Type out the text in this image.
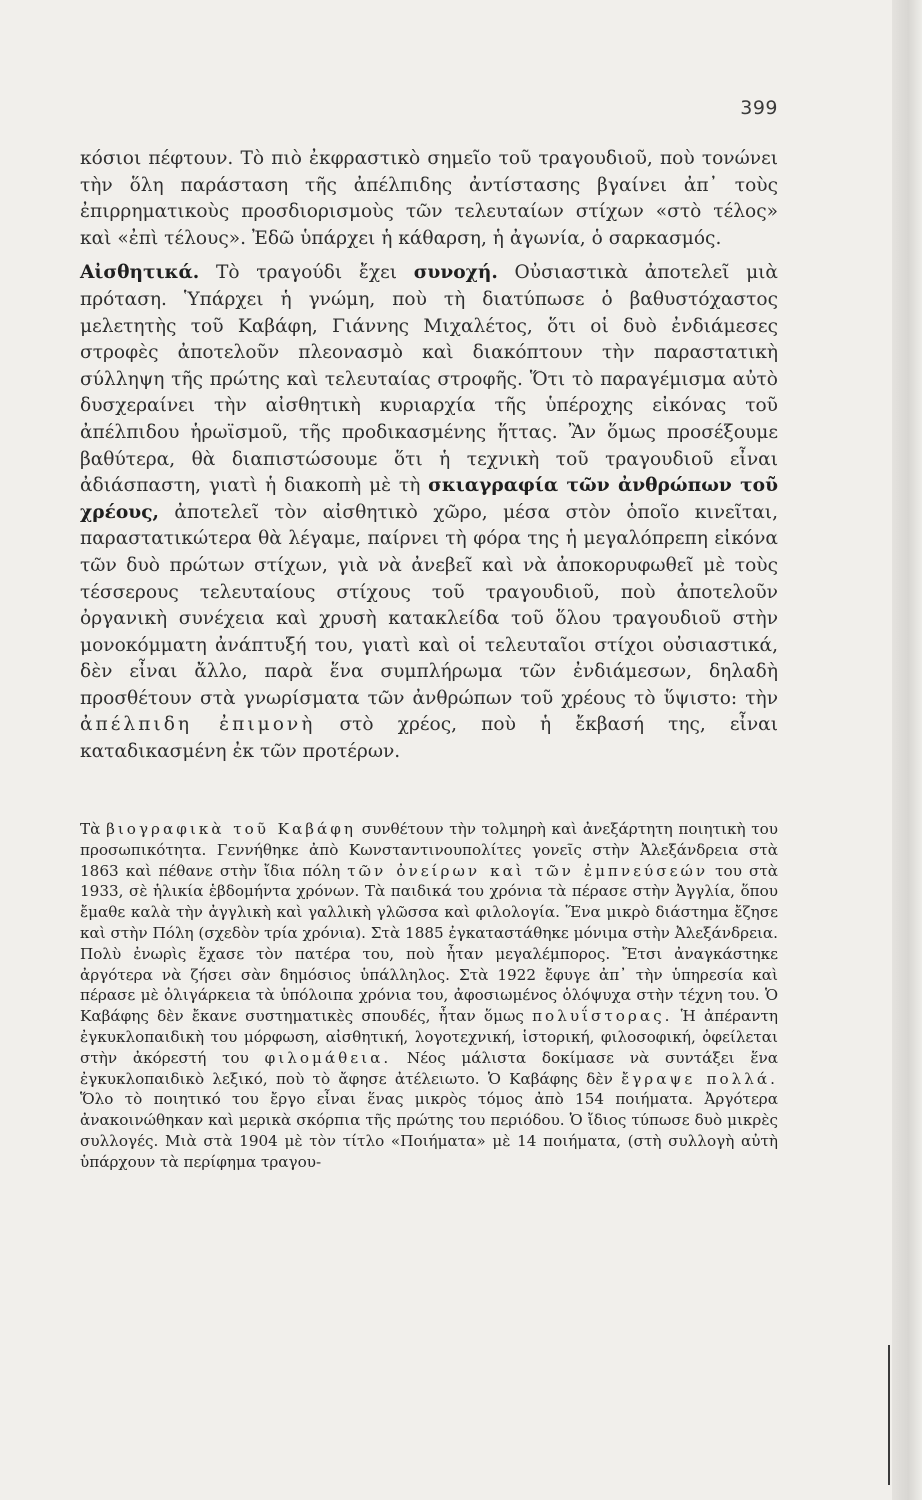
399

κόσιοι πέφτουν. Τὸ πιὸ ἐκφραστικὸ σημεῖο τοῦ τραγουδιοῦ, ποὺ τονώνει τὴν ὅλη παράσταση τῆς ἀπέλπιδης ἀντίστασης βγαίνει ἀπ᾿ τοὺς ἐπιρρηματικοὺς προσδιορισμοὺς τῶν τελευταίων στίχων «στὸ τέλος» καὶ «ἐπὶ τέλους». Ἐδῶ ὑπάρχει ἡ κάθαρση, ἡ ἀγωνία, ὁ σαρκασμός.

Αἰσθητικά. Τὸ τραγούδι ἔχει συνοχή. Οὐσιαστικὰ ἀποτελεῖ μιὰ πρόταση. Ὑπάρχει ἡ γνώμη, ποὺ τὴ διατύπωσε ὁ βαθυστόχαστος μελετητὴς τοῦ Καβάφη, Γιάννης Μιχαλέτος, ὅτι οἱ δυὸ ἐνδιάμεσες στροφὲς ἀποτελοῦν πλεονασμὸ καὶ διακόπτουν τὴν παραστατικὴ σύλληψη τῆς πρώτης καὶ τελευταίας στροφῆς. Ὅτι τὸ παραγέμισμα αὐτὸ δυσχεραίνει τὴν αἰσθητικὴ κυριαρχία τῆς ὑπέροχης εἰκόνας τοῦ ἀπέλπιδου ἡρωϊσμοῦ, τῆς προδικασμένης ἥττας. Ἂν ὅμως προσέξουμε βαθύτερα, θὰ διαπιστώσουμε ὅτι ἡ τεχνικὴ τοῦ τραγουδιοῦ εἶναι ἀδιάσπαστη, γιατὶ ἡ διακοπὴ μὲ τὴ σκιαγραφία τῶν ἀνθρώπων τοῦ χρέους, ἀποτελεῖ τὸν αἰσθητικὸ χῶρο, μέσα στὸν ὁποῖο κινεῖται, παραστατικώτερα θὰ λέγαμε, παίρνει τὴ φόρα της ἡ μεγαλόπρεπη εἰκόνα τῶν δυὸ πρώτων στίχων, γιὰ νὰ ἀνεβεῖ καὶ νὰ ἀποκορυφωθεῖ μὲ τοὺς τέσσερους τελευταίους στίχους τοῦ τραγουδιοῦ, ποὺ ἀποτελοῦν ὀργανικὴ συνέχεια καὶ χρυσὴ κατακλείδα τοῦ ὅλου τραγουδιοῦ στὴν μονοκόμματη ἀνάπτυξή του, γιατὶ καὶ οἱ τελευταῖοι στίχοι οὐσιαστικά, δὲν εἶναι ἄλλο, παρὰ ἕνα συμπλήρωμα τῶν ἐνδιάμεσων, δηλαδὴ προσθέτουν στὰ γνωρίσματα τῶν ἀνθρώπων τοῦ χρέους τὸ ὕψιστο: τὴν ἀπέλπιδη ἐπιμονὴ στὸ χρέος, ποὺ ἡ ἔκβασή της, εἶναι καταδικασμένη ἐκ τῶν προτέρων.

Τὰ βιογραφικὰ τοῦ Καβάφη συνθέτουν τὴν τολμηρὴ καὶ ἀνεξάρτητη ποιητικὴ του προσωπικότητα. Γεννήθηκε ἀπὸ Κωνσταντινουπολίτες γονεῖς στὴν Ἀλεξάνδρεια στὰ 1863 καὶ πέθανε στὴν ἴδια πόλη τῶν ὀνείρων καὶ τῶν ἐμπνεύσεών του στὰ 1933, σὲ ἡλικία ἑβδομήντα χρόνων. Τὰ παιδικά του χρόνια τὰ πέρασε στὴν Ἀγγλία, ὅπου ἔμαθε καλὰ τὴν ἀγγλικὴ καὶ γαλλικὴ γλῶσσα καὶ φιλολογία. Ἕνα μικρὸ διάστημα ἔζησε καὶ στὴν Πόλη (σχεδὸν τρία χρόνια). Στὰ 1885 ἐγκαταστάθηκε μόνιμα στὴν Ἀλεξάνδρεια. Πολὺ ἐνωρὶς ἔχασε τὸν πατέρα του, ποὺ ἦταν μεγαλέμπορος. Ἔτσι ἀναγκάστηκε ἀργότερα νὰ ζήσει σὰν δημόσιος ὑπάλληλος. Στὰ 1922 ἔφυγε ἀπ᾿ τὴν ὑπηρεσία καὶ πέρασε μὲ ὀλιγάρκεια τὰ ὑπόλοιπα χρόνια του, ἀφοσιωμένος ὁλόψυχα στὴν τέχνη του. Ὁ Καβάφης δὲν ἔκανε συστηματικὲς σπουδές, ἦταν ὅμως πολυΐστορας. Ἡ ἀπέραντη ἐγκυκλοπαιδικὴ του μόρφωση, αἰσθητική, λογοτεχνική, ἱστορική, φιλοσοφική, ὀφείλεται στὴν ἀκόρεστή του φιλομάθεια. Νέος μάλιστα δοκίμασε νὰ συντάξει ἕνα ἐγκυκλοπαιδικὸ λεξικό, ποὺ τὸ ἄφησε ἀτέλειωτο. Ὁ Καβάφης δὲν ἔγραψε πολλά. Ὅλο τὸ ποιητικό του ἔργο εἶναι ἕνας μικρὸς τόμος ἀπὸ 154 ποιήματα. Ἀργότερα ἀνακοινώθηκαν καὶ μερικὰ σκόρπια τῆς πρώτης του περιόδου. Ὁ ἴδιος τύπωσε δυὸ μικρὲς συλλογές. Μιὰ στὰ 1904 μὲ τὸν τίτλο «Ποιήματα» μὲ 14 ποιήματα, (στὴ συλλογὴ αὐτὴ ὑπάρχουν τὰ περίφημα τραγου-
